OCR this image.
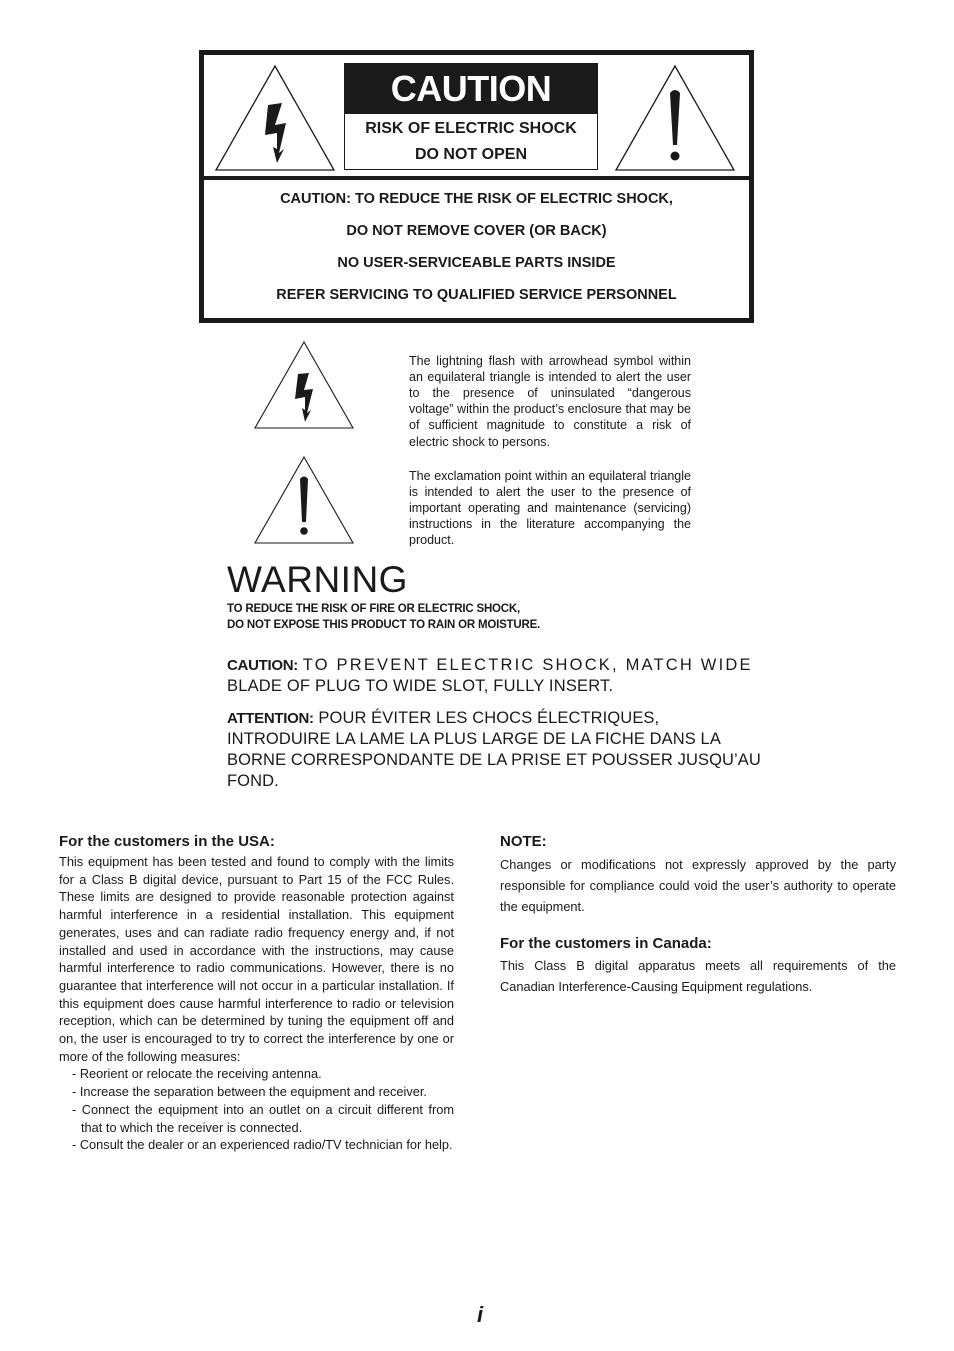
CAUTION
RISK OF ELECTRIC SHOCK
DO NOT OPEN
CAUTION: TO REDUCE THE RISK OF ELECTRIC SHOCK,
DO NOT REMOVE COVER (OR BACK)
NO USER-SERVICEABLE PARTS INSIDE
REFER SERVICING TO QUALIFIED SERVICE PERSONNEL

The lightning flash with arrowhead symbol within an equilateral triangle is intended to alert the user to the presence of uninsulated “dangerous voltage” within the product’s enclosure that may be of sufficient magnitude to constitute a risk of electric shock to persons.

The exclamation point within an equilateral triangle is intended to alert the user to the presence of important operating and maintenance (servicing) instructions in the literature accompanying the product.

WARNING
TO REDUCE THE RISK OF FIRE OR ELECTRIC SHOCK,
DO NOT EXPOSE THIS PRODUCT TO RAIN OR MOISTURE.
CAUTION: TO PREVENT ELECTRIC SHOCK, MATCH WIDE
BLADE OF PLUG TO WIDE SLOT, FULLY INSERT.
ATTENTION: POUR ÉVITER LES CHOCS ÉLECTRIQUES, INTRODUIRE LA LAME LA PLUS LARGE DE LA FICHE DANS LA BORNE CORRESPONDANTE DE LA PRISE ET POUSSER JUSQU’AU FOND.
For the customers in the USA:

This equipment has been tested and found to comply with the limits for a Class B digital device, pursuant to Part 15 of the FCC Rules. These limits are designed to provide reasonable protection against harmful interference in a residential installation. This equipment generates, uses and can radiate radio frequency energy and, if not installed and used in accordance with the instructions, may cause harmful interference to radio communications. However, there is no guarantee that interference will not occur in a particular installation. If this equipment does cause harmful interference to radio or television reception, which can be determined by tuning the equipment off and on, the user is encouraged to try to correct the interference by one or more of the following measures:

- Reorient or relocate the receiving antenna.
- Increase the separation between the equipment and receiver.
- Connect the equipment into an outlet on a circuit different from that to which the receiver is connected.
- Consult the dealer or an experienced radio/TV technician for help.
NOTE:

Changes or modifications not expressly approved by the party responsible for compliance could void the user’s authority to operate the equipment.

For the customers in Canada:

This Class B digital apparatus meets all requirements of the Canadian Interference-Causing Equipment regulations.

i
